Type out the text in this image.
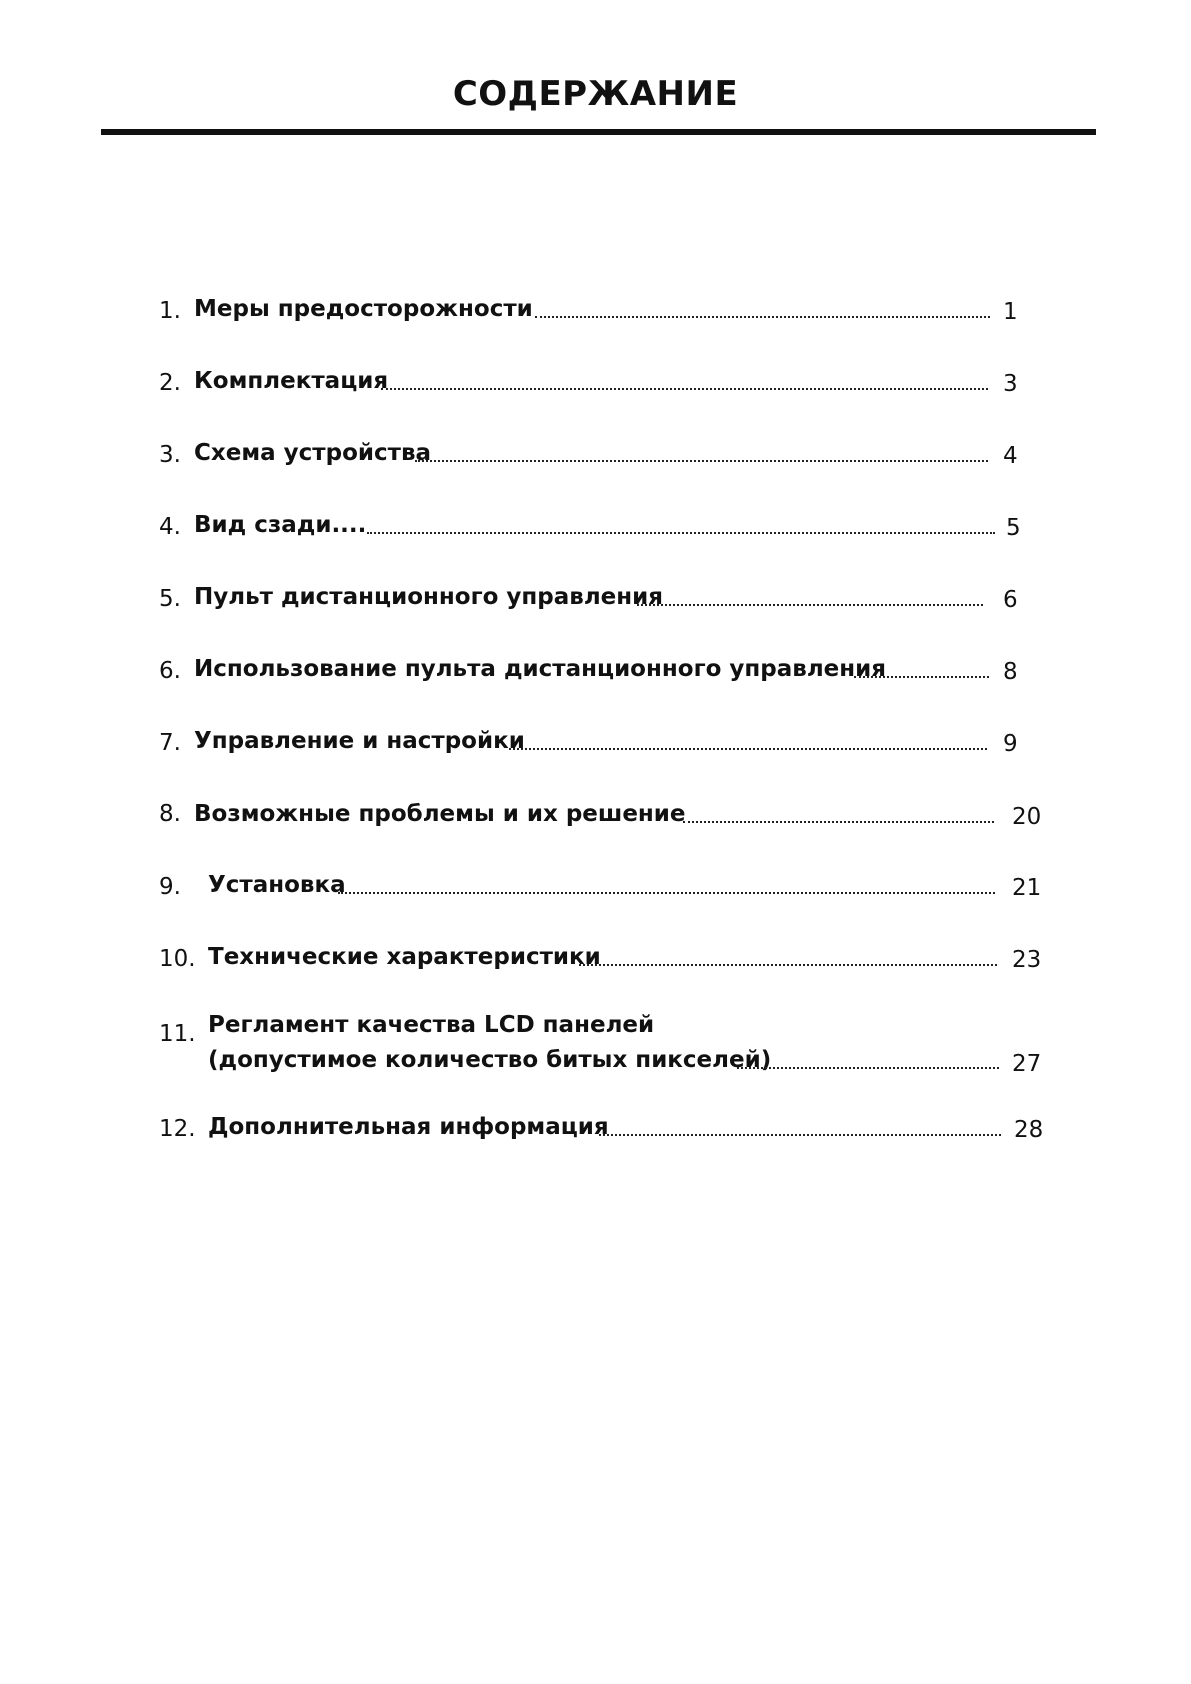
СОДЕРЖАНИЕ
1. Меры предосторожности	1
2. Комплектация	3
3. Схема устройства	4
4. Вид сзади....	5
5. Пульт дистанционного управления	6
6. Использование пульта дистанционного управления	8
7. Управление и настройки	9
8. Возможные проблемы и их решение	20
9. Установка	21
10. Технические характеристики	23
11. Регламент качества LCD панелей
(допустимое количество битых пикселей)	27
12. Дополнительная информация	28
